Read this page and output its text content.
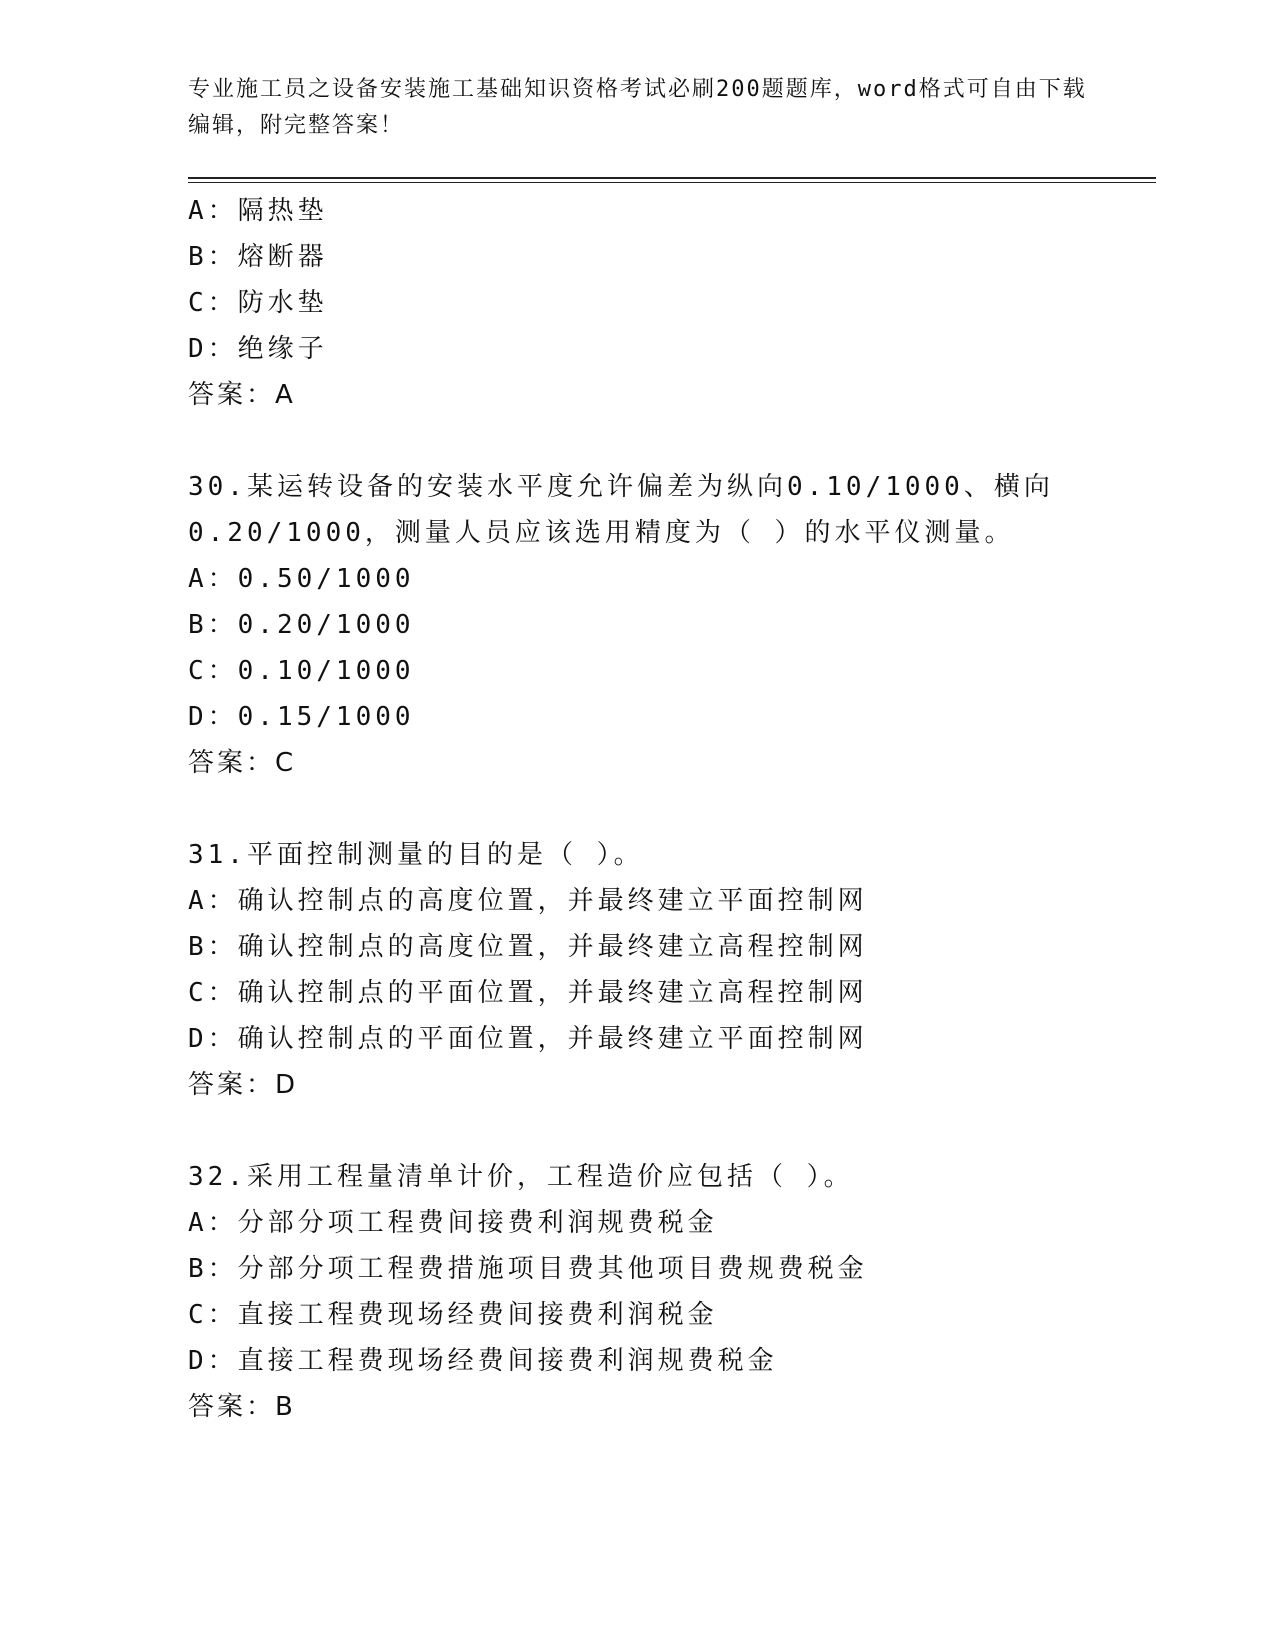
专业施工员之设备安装施工基础知识资格考试必刷200题题库，word格式可自由下载编辑，附完整答案！
A：隔热垫
B：熔断器
C：防水垫
D：绝缘子
答案：A
30.某运转设备的安装水平度允许偏差为纵向0.10/1000、横向
0.20/1000，测量人员应该选用精度为（ ）的水平仪测量。
A：0.50/1000
B：0.20/1000
C：0.10/1000
D：0.15/1000
答案：C
31.平面控制测量的目的是（ ）。
A：确认控制点的高度位置，并最终建立平面控制网
B：确认控制点的高度位置，并最终建立高程控制网
C：确认控制点的平面位置，并最终建立高程控制网
D：确认控制点的平面位置，并最终建立平面控制网
答案：D
32.采用工程量清单计价，工程造价应包括（ ）。
A：分部分项工程费间接费利润规费税金
B：分部分项工程费措施项目费其他项目费规费税金
C：直接工程费现场经费间接费利润税金
D：直接工程费现场经费间接费利润规费税金
答案：B
